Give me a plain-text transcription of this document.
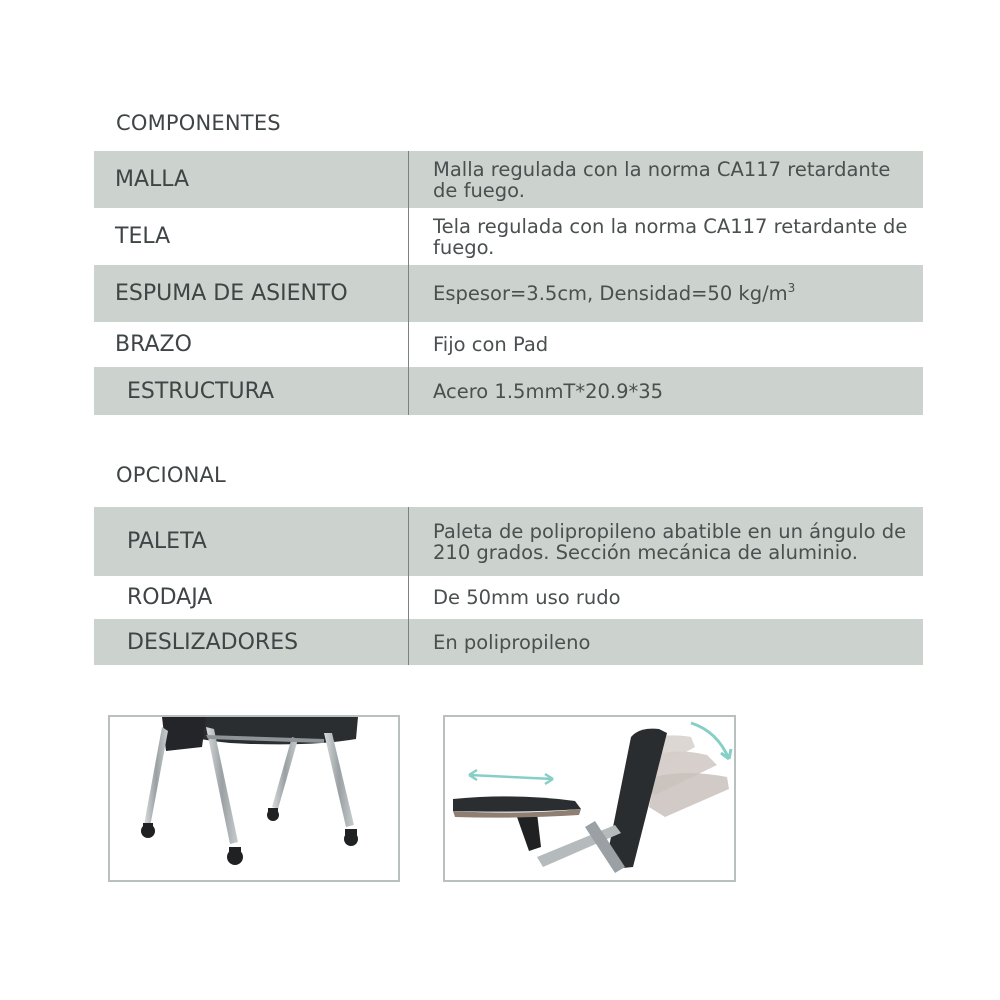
COMPONENTES
MALLA	Malla regulada con la norma CA117 retardante de fuego.
TELA	Tela regulada con la norma CA117 retardante de fuego.
ESPUMA DE ASIENTO	Espesor=3.5cm, Densidad=50 $kg/m^3$
BRAZO	Fijo con Pad
ESTRUCTURA	Acero 1.5mmT*20.9*35
OPCIONAL
PALETA	Paleta de polipropileno abatible en un ángulo de 210 grados. Sección mecánica de aluminio.
RODAJA	De 50mm uso rudo
DESLIZADORES	En polipropileno
